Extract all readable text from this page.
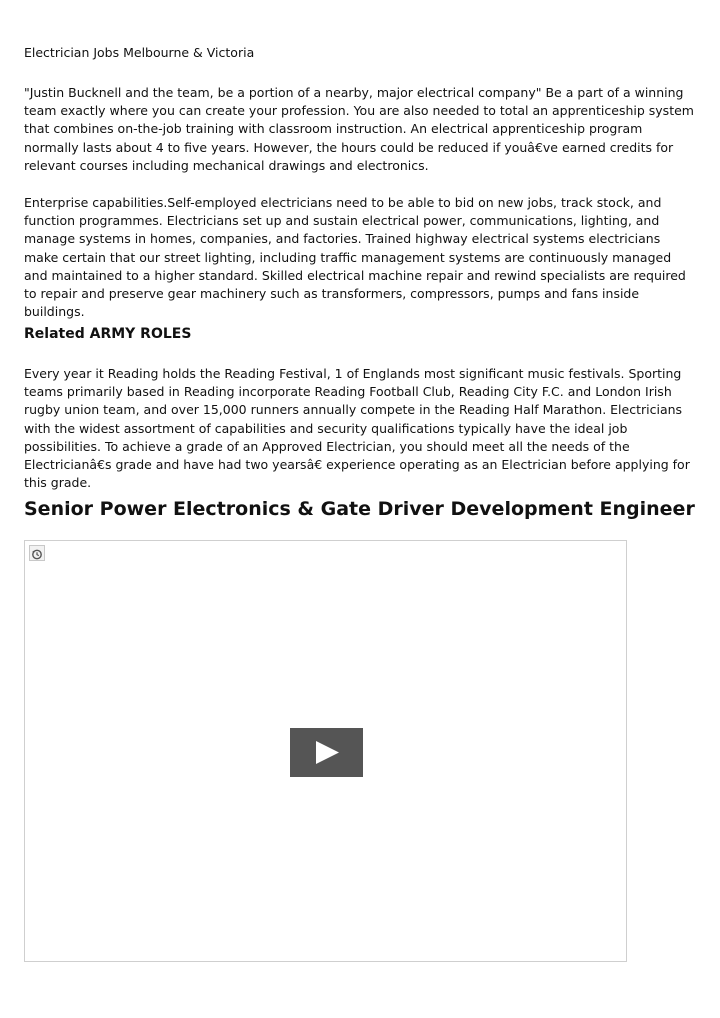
Electrician Jobs Melbourne & Victoria

"Justin Bucknell and the team, be a portion of a nearby, major electrical company" Be a part of a winning team exactly where you can create your profession. You are also needed to total an apprenticeship system that combines on-the-job training with classroom instruction. An electrical apprenticeship program normally lasts about 4 to five years. However, the hours could be reduced if youâ€ve earned credits for relevant courses including mechanical drawings and electronics.

Enterprise capabilities.Self-employed electricians need to be able to bid on new jobs, track stock, and function programmes. Electricians set up and sustain electrical power, communications, lighting, and manage systems in homes, companies, and factories. Trained highway electrical systems electricians make certain that our street lighting, including traffic management systems are continuously managed and maintained to a higher standard. Skilled electrical machine repair and rewind specialists are required to repair and preserve gear machinery such as transformers, compressors, pumps and fans inside buildings.

Related ARMY ROLES

Every year it Reading holds the Reading Festival, 1 of Englands most significant music festivals. Sporting teams primarily based in Reading incorporate Reading Football Club, Reading City F.C. and London Irish rugby union team, and over 15,000 runners annually compete in the Reading Half Marathon. Electricians with the widest assortment of capabilities and security qualifications typically have the ideal job possibilities. To achieve a grade of an Approved Electrician, you should meet all the needs of the Electricianâ€s grade and have had two yearsâ€ experience operating as an Electrician before applying for this grade.

Senior Power Electronics & Gate Driver Development Engineer
